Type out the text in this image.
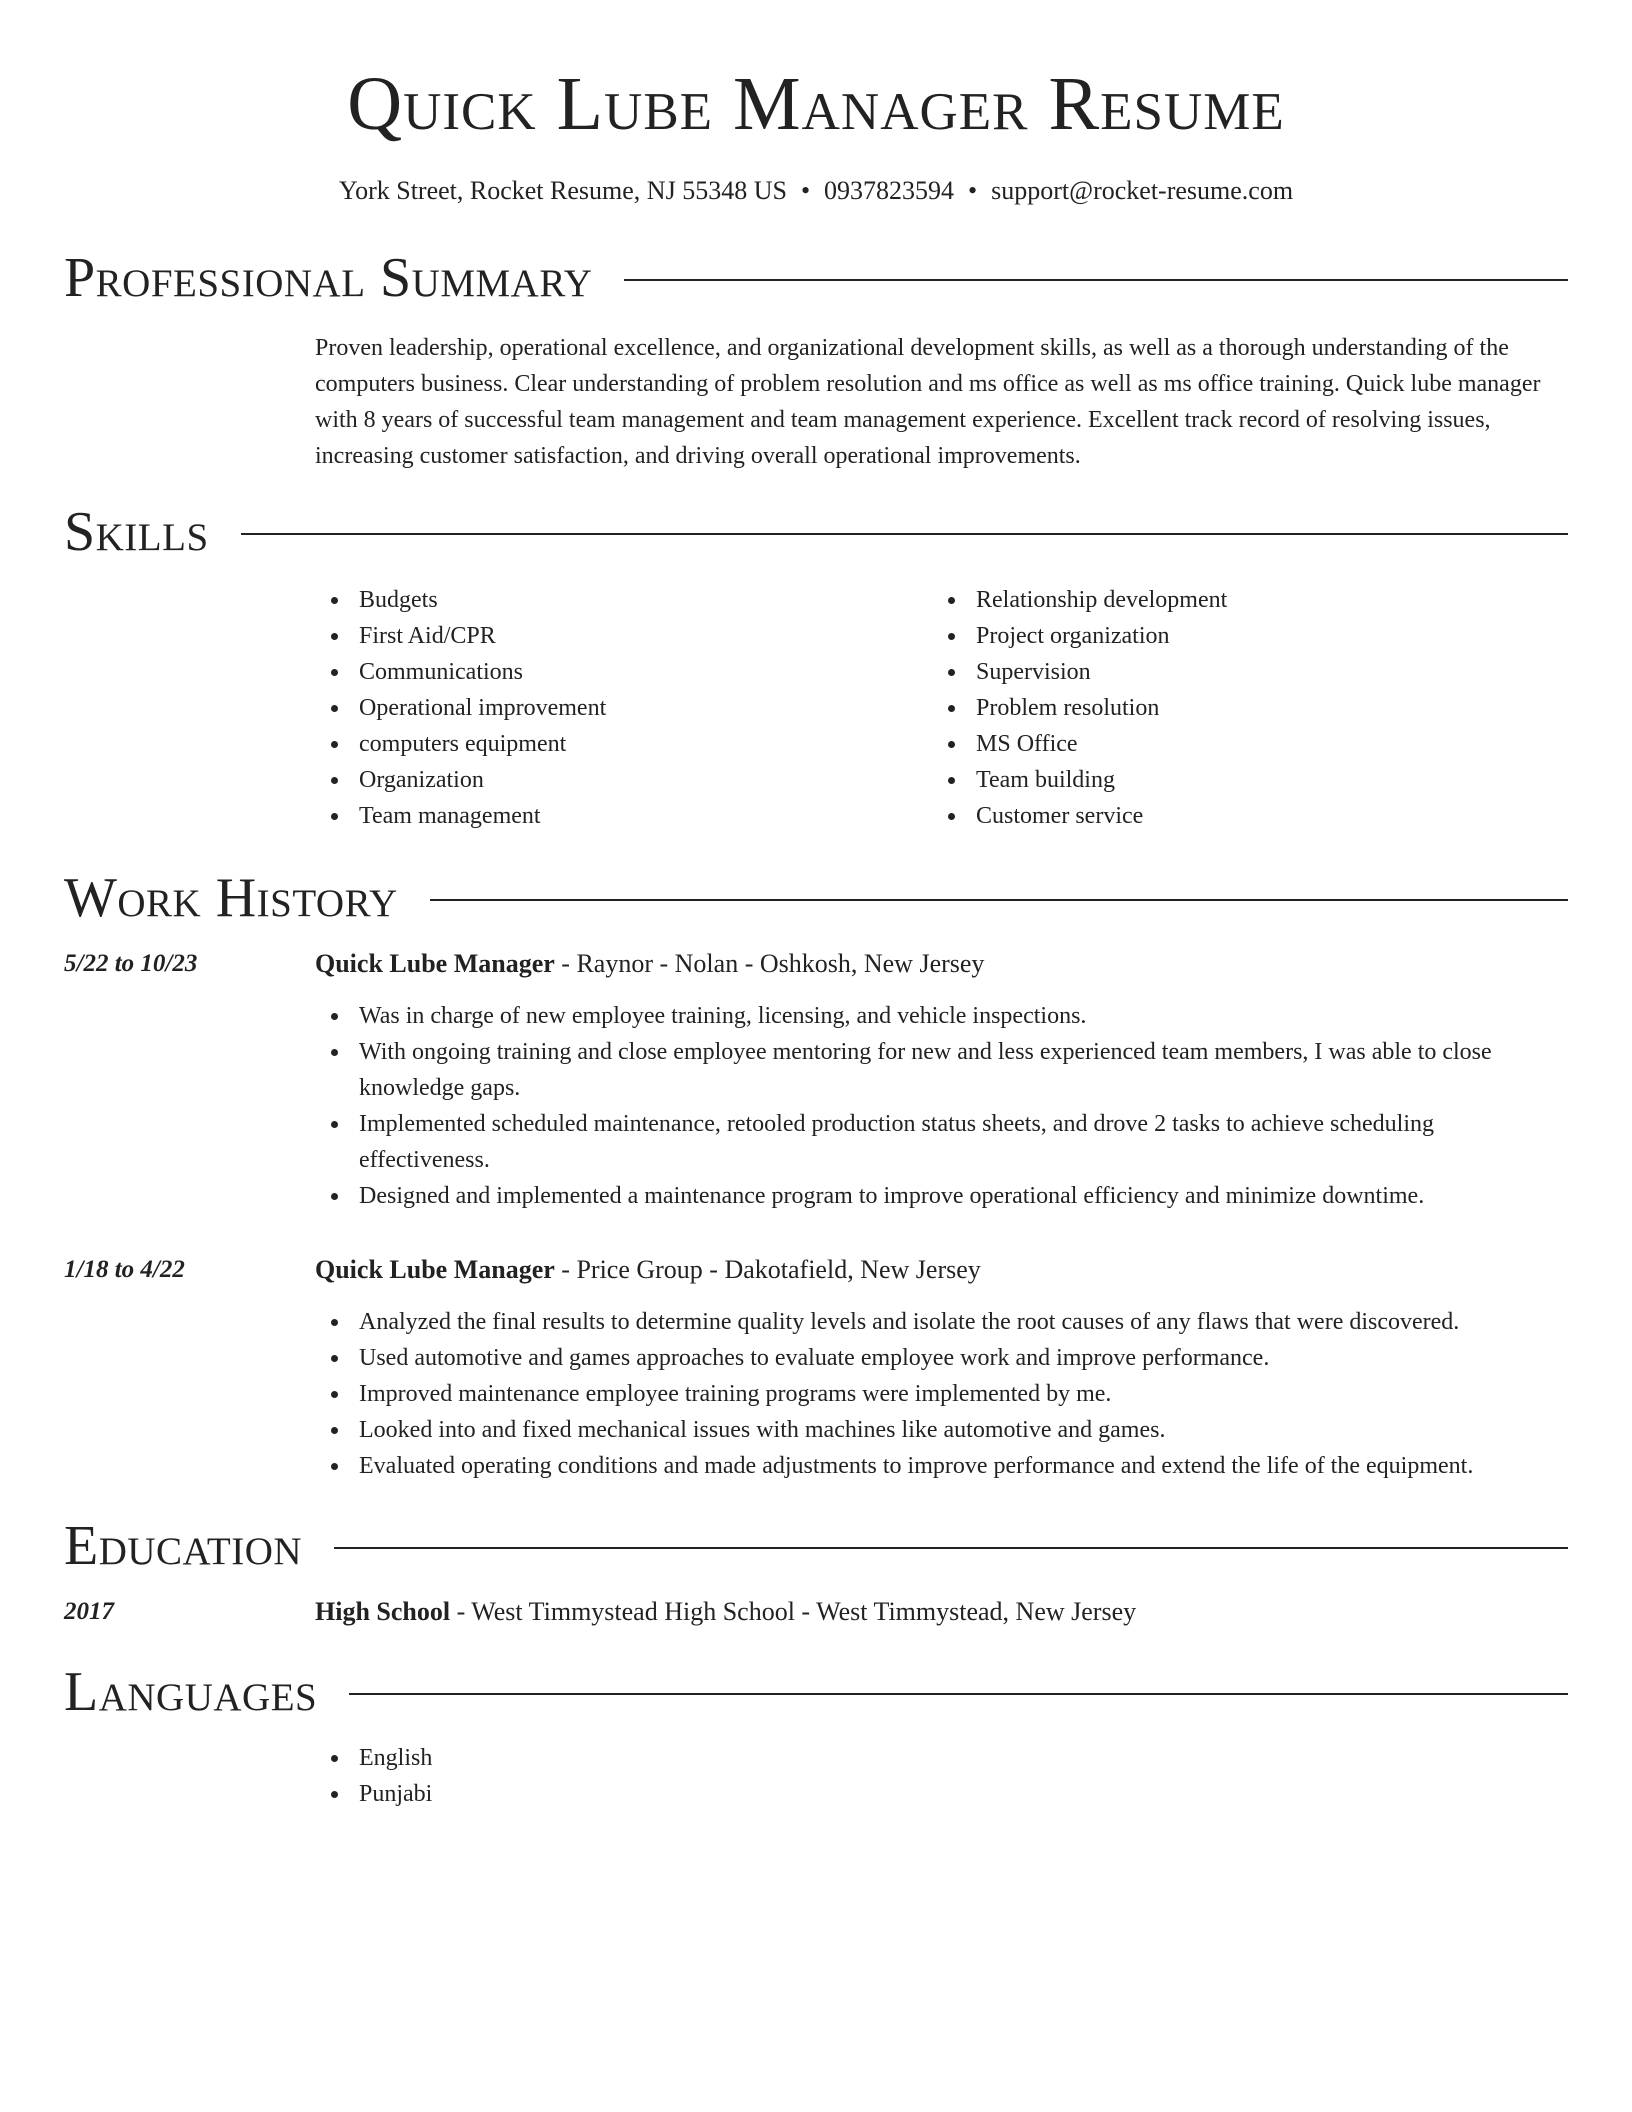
Quick Lube Manager Resume
York Street, Rocket Resume, NJ 55348 US • 0937823594 • support@rocket-resume.com
Professional Summary

Proven leadership, operational excellence, and organizational development skills, as well as a thorough understanding of the computers business. Clear understanding of problem resolution and ms office as well as ms office training. Quick lube manager with 8 years of successful team management and team management experience. Excellent track record of resolving issues, increasing customer satisfaction, and driving overall operational improvements.

Skills
Budgets
First Aid/CPR
Communications
Operational improvement
computers equipment
Organization
Team management
Relationship development
Project organization
Supervision
Problem resolution
MS Office
Team building
Customer service
Work History
5/22 to 10/23	Quick Lube Manager - Raynor - Nolan - Oshkosh, New Jersey
Was in charge of new employee training, licensing, and vehicle inspections.
With ongoing training and close employee mentoring for new and less experienced team members, I was able to close knowledge gaps.
Implemented scheduled maintenance, retooled production status sheets, and drove 2 tasks to achieve scheduling effectiveness.
Designed and implemented a maintenance program to improve operational efficiency and minimize downtime.
1/18 to 4/22	Quick Lube Manager - Price Group - Dakotafield, New Jersey
Analyzed the final results to determine quality levels and isolate the root causes of any flaws that were discovered.
Used automotive and games approaches to evaluate employee work and improve performance.
Improved maintenance employee training programs were implemented by me.
Looked into and fixed mechanical issues with machines like automotive and games.
Evaluated operating conditions and made adjustments to improve performance and extend the life of the equipment.
Education
2017	High School - West Timmystead High School - West Timmystead, New Jersey
Languages
English
Punjabi
